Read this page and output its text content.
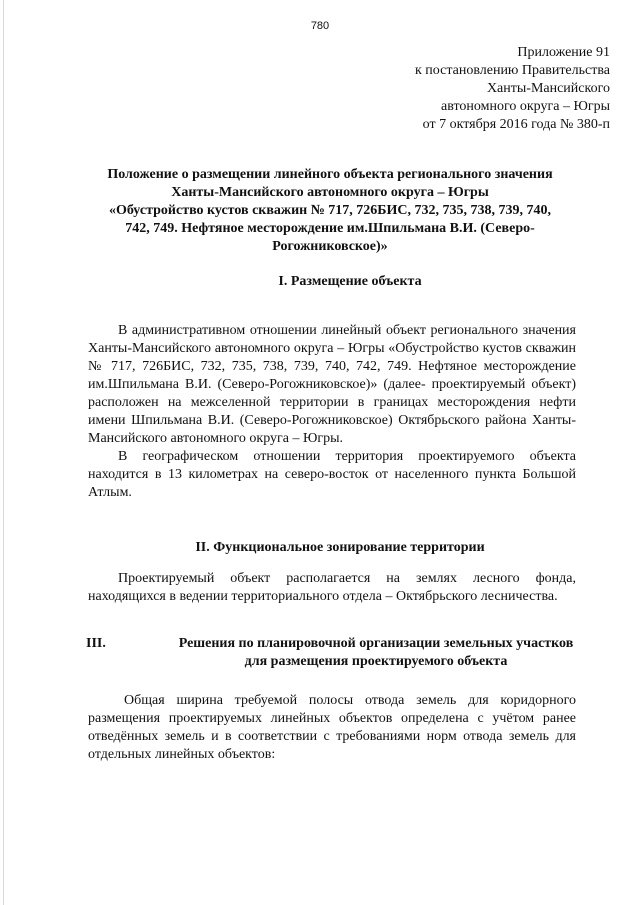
780
Приложение 91
к постановлению Правительства
Ханты-Мансийского
автономного округа – Югры
от 7 октября 2016 года № 380-п
Положение о размещении линейного объекта регионального значения
Ханты-Мансийского автономного округа – Югры
«Обустройство кустов скважин № 717, 726БИС, 732, 735, 738, 739, 740,
742, 749. Нефтяное месторождение им.Шпильмана В.И. (Северо-
Рогожниковское)»
I. Размещение объекта

В административном отношении линейный объект регионального значения Ханты-Мансийского автономного округа – Югры «Обустройство кустов скважин № 717, 726БИС, 732, 735, 738, 739, 740, 742, 749. Нефтяное месторождение им.Шпильмана В.И. (Северо-Рогожниковское)» (далее- проектируемый объект) расположен на межселенной территории в границах месторождения нефти имени Шпильмана В.И. (Северо-Рогожниковское) Октябрьского района Ханты-Мансийского автономного округа – Югры.

В географическом отношении территория проектируемого объекта находится в 13 километрах на северо-восток от населенного пункта Большой Атлым.

II. Функциональное зонирование территории

Проектируемый объект располагается на землях лесного фонда, находящихся в ведении территориального отдела – Октябрьского лесничества.

III.	Решения по планировочной организации земельных участков
для размещения проектируемого объекта

Общая ширина требуемой полосы отвода земель для коридорного размещения проектируемых линейных объектов определена с учётом ранее отведённых земель и в соответствии с требованиями норм отвода земель для отдельных линейных объектов:
